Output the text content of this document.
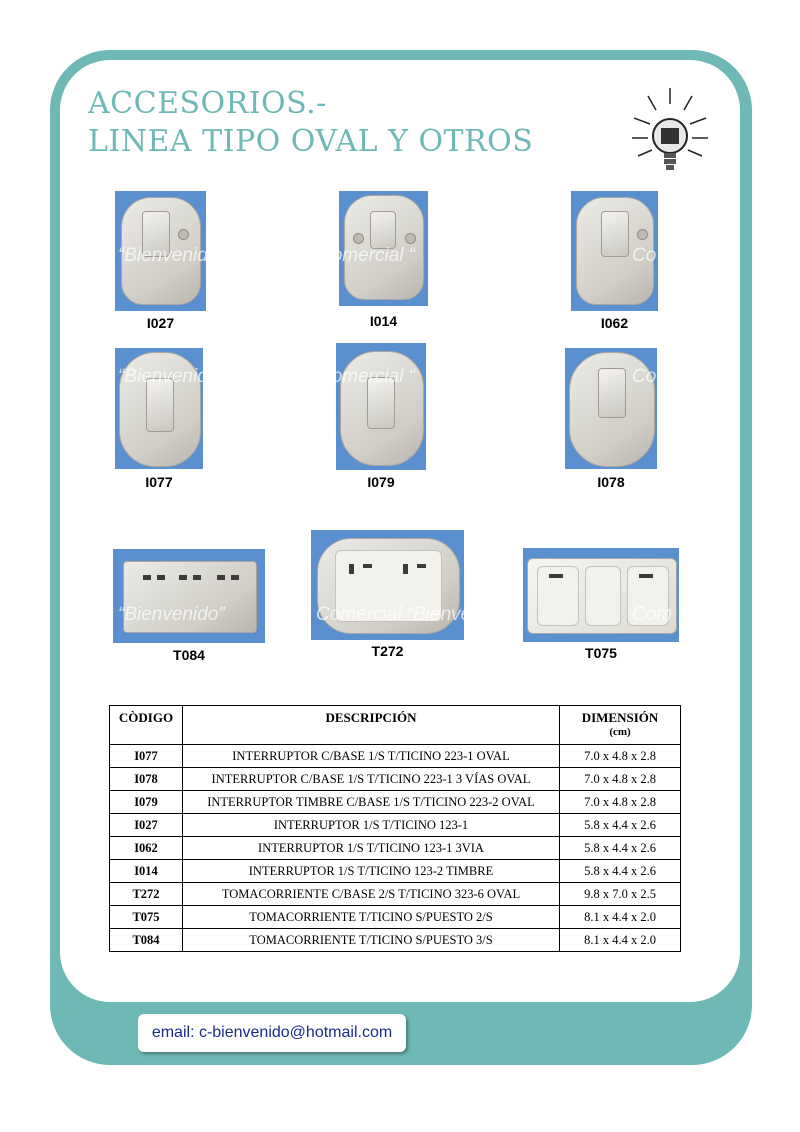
ACCESORIOS.-
LINEA TIPO OVAL Y OTROS
I027	I014	I062
I077	I079	I078
T084	T272	T075
“Bienvenido”	Comercial “	Co
“Bienvenido”	Comercial “	Co
“Bienvenido”	Comercial “Bienvenido”	Com
CÒDIGO	DESCRIPCIÓN	DIMENSIÓN
(cm)

I077	INTERRUPTOR C/BASE 1/S T/TICINO 223-1 OVAL	7.0 x 4.8 x 2.8
I078	INTERRUPTOR C/BASE 1/S T/TICINO 223-1 3 VÍAS OVAL	7.0 x 4.8 x 2.8
I079	INTERRUPTOR TIMBRE C/BASE 1/S T/TICINO 223-2 OVAL	7.0 x 4.8 x 2.8
I027	INTERRUPTOR 1/S T/TICINO 123-1	5.8 x 4.4 x 2.6
I062	INTERRUPTOR 1/S T/TICINO 123-1 3VIA	5.8 x 4.4 x 2.6
I014	INTERRUPTOR 1/S T/TICINO 123-2 TIMBRE	5.8 x 4.4 x 2.6
T272	TOMACORRIENTE C/BASE 2/S T/TICINO 323-6 OVAL	9.8 x 7.0 x 2.5
T075	TOMACORRIENTE T/TICINO S/PUESTO 2/S	8.1 x 4.4 x 2.0
T084	TOMACORRIENTE T/TICINO S/PUESTO 3/S	8.1 x 4.4 x 2.0
email: c-bienvenido@hotmail.com
